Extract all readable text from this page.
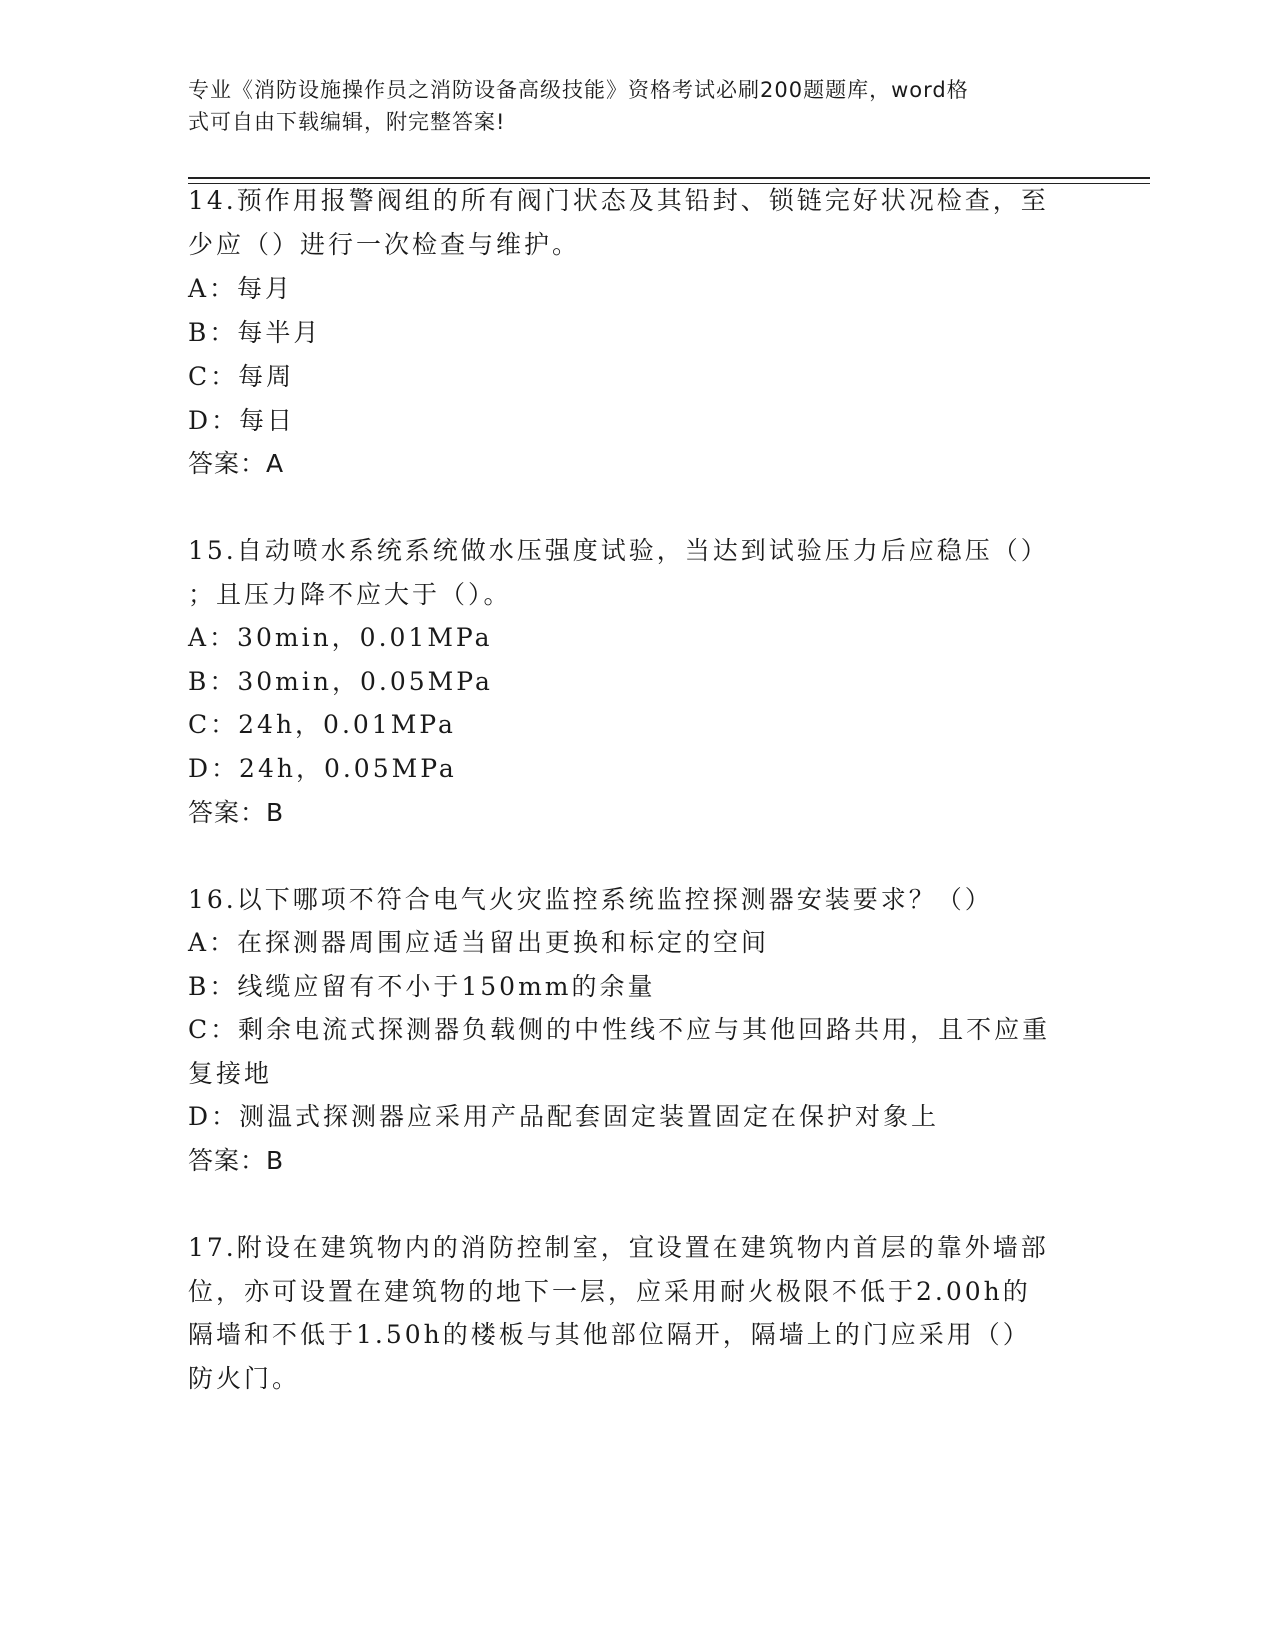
专业《消防设施操作员之消防设备高级技能》资格考试必刷200题题库，word格
式可自由下载编辑，附完整答案!
14.预作用报警阀组的所有阀门状态及其铅封、锁链完好状况检查，至
少应（）进行一次检查与维护。
A：每月
B：每半月
C：每周
D：每日
答案：A
15.自动喷水系统系统做水压强度试验，当达到试验压力后应稳压（）
；且压力降不应大于（）。
A：30min，0.01MPa
B：30min，0.05MPa
C：24h，0.01MPa
D：24h，0.05MPa
答案：B
16.以下哪项不符合电气火灾监控系统监控探测器安装要求？（）
A：在探测器周围应适当留出更换和标定的空间
B：线缆应留有不小于150mm的余量
C：剩余电流式探测器负载侧的中性线不应与其他回路共用，且不应重
复接地
D：测温式探测器应采用产品配套固定装置固定在保护对象上
答案：B
17.附设在建筑物内的消防控制室，宜设置在建筑物内首层的靠外墙部
位，亦可设置在建筑物的地下一层，应采用耐火极限不低于2.00h的
隔墙和不低于1.50h的楼板与其他部位隔开，隔墙上的门应采用（）
防火门。
